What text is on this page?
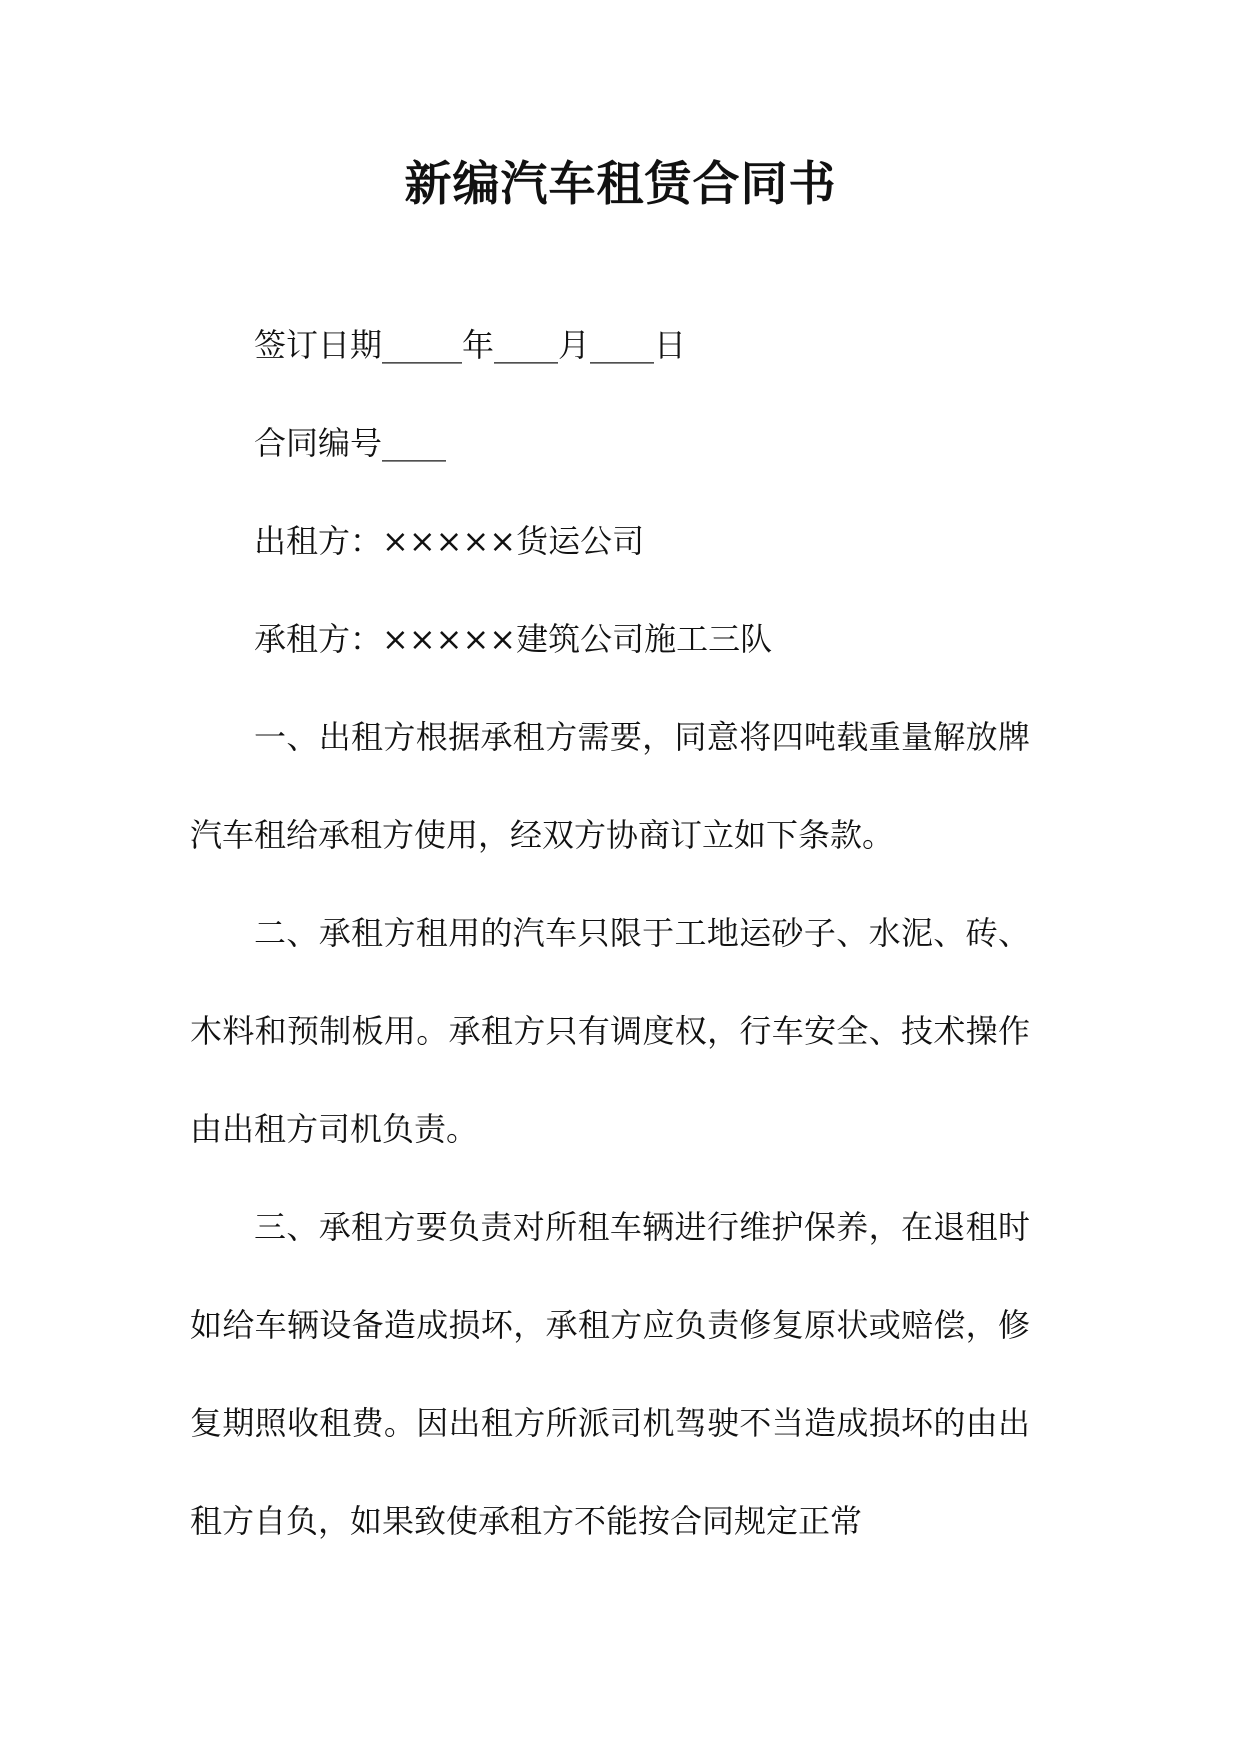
新编汽车租赁合同书

签订日期_____年____月____日

合同编号____

出租方：×××××货运公司

承租方：×××××建筑公司施工三队

一、出租方根据承租方需要，同意将四吨载重量解放牌汽车租给承租方使用，经双方协商订立如下条款。

二、承租方租用的汽车只限于工地运砂子、水泥、砖、木料和预制板用。承租方只有调度权，行车安全、技术操作由出租方司机负责。

三、承租方要负责对所租车辆进行维护保养，在退租时如给车辆设备造成损坏，承租方应负责修复原状或赔偿，修复期照收租费。因出租方所派司机驾驶不当造成损坏的由出租方自负，如果致使承租方不能按合同规定正常
